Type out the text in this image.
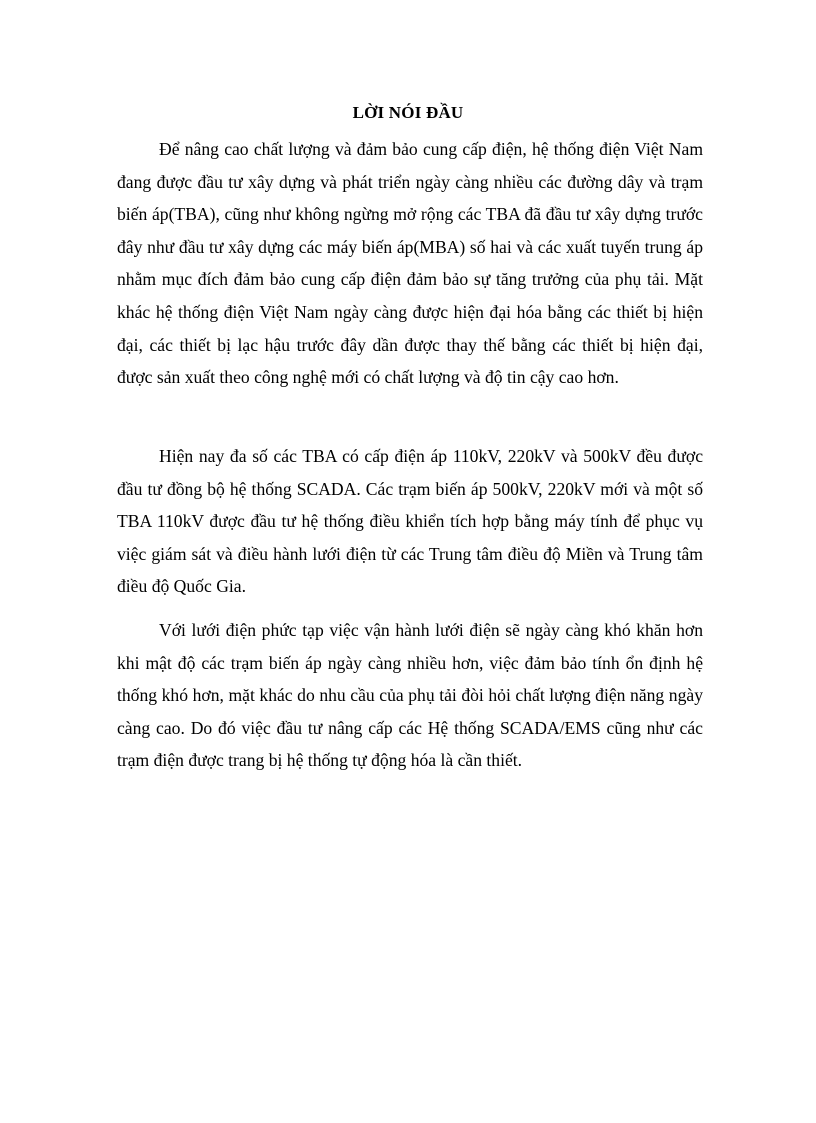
LỜI NÓI ĐẦU

Để nâng cao chất lượng và đảm bảo cung cấp điện, hệ thống điện Việt Nam đang được đầu tư xây dựng và phát triển ngày càng nhiều các đường dây và trạm biến áp(TBA), cũng như không ngừng mở rộng các TBA đã đầu tư xây dựng trước đây như đầu tư xây dựng các máy biến áp(MBA) số hai và các xuất tuyến trung áp nhằm mục đích đảm bảo cung cấp điện đảm bảo sự tăng trưởng của phụ tải. Mặt khác hệ thống điện Việt Nam ngày càng được hiện đại hóa bằng các thiết bị hiện đại, các thiết bị lạc hậu trước đây dần được thay thế bằng các thiết bị hiện đại, được sản xuất theo công nghệ mới có chất lượng và độ tin cậy cao hơn.

Hiện nay đa số các TBA có cấp điện áp 110kV, 220kV và 500kV đều được đầu tư đồng bộ hệ thống SCADA. Các trạm biến áp 500kV, 220kV mới và một số TBA 110kV được đầu tư hệ thống điều khiển tích hợp bằng máy tính để phục vụ việc giám sát và điều hành lưới điện từ các Trung tâm điều độ Miền và Trung tâm điều độ Quốc Gia.

Với lưới điện phức tạp việc vận hành lưới điện sẽ ngày càng khó khăn hơn khi mật độ các trạm biến áp ngày càng nhiều hơn, việc đảm bảo tính ổn định hệ thống khó hơn, mặt khác do nhu cầu của phụ tải đòi hỏi chất lượng điện năng ngày càng cao. Do đó việc đầu tư nâng cấp các Hệ thống SCADA/EMS cũng như các trạm điện được trang bị hệ thống tự động hóa là cần thiết.
